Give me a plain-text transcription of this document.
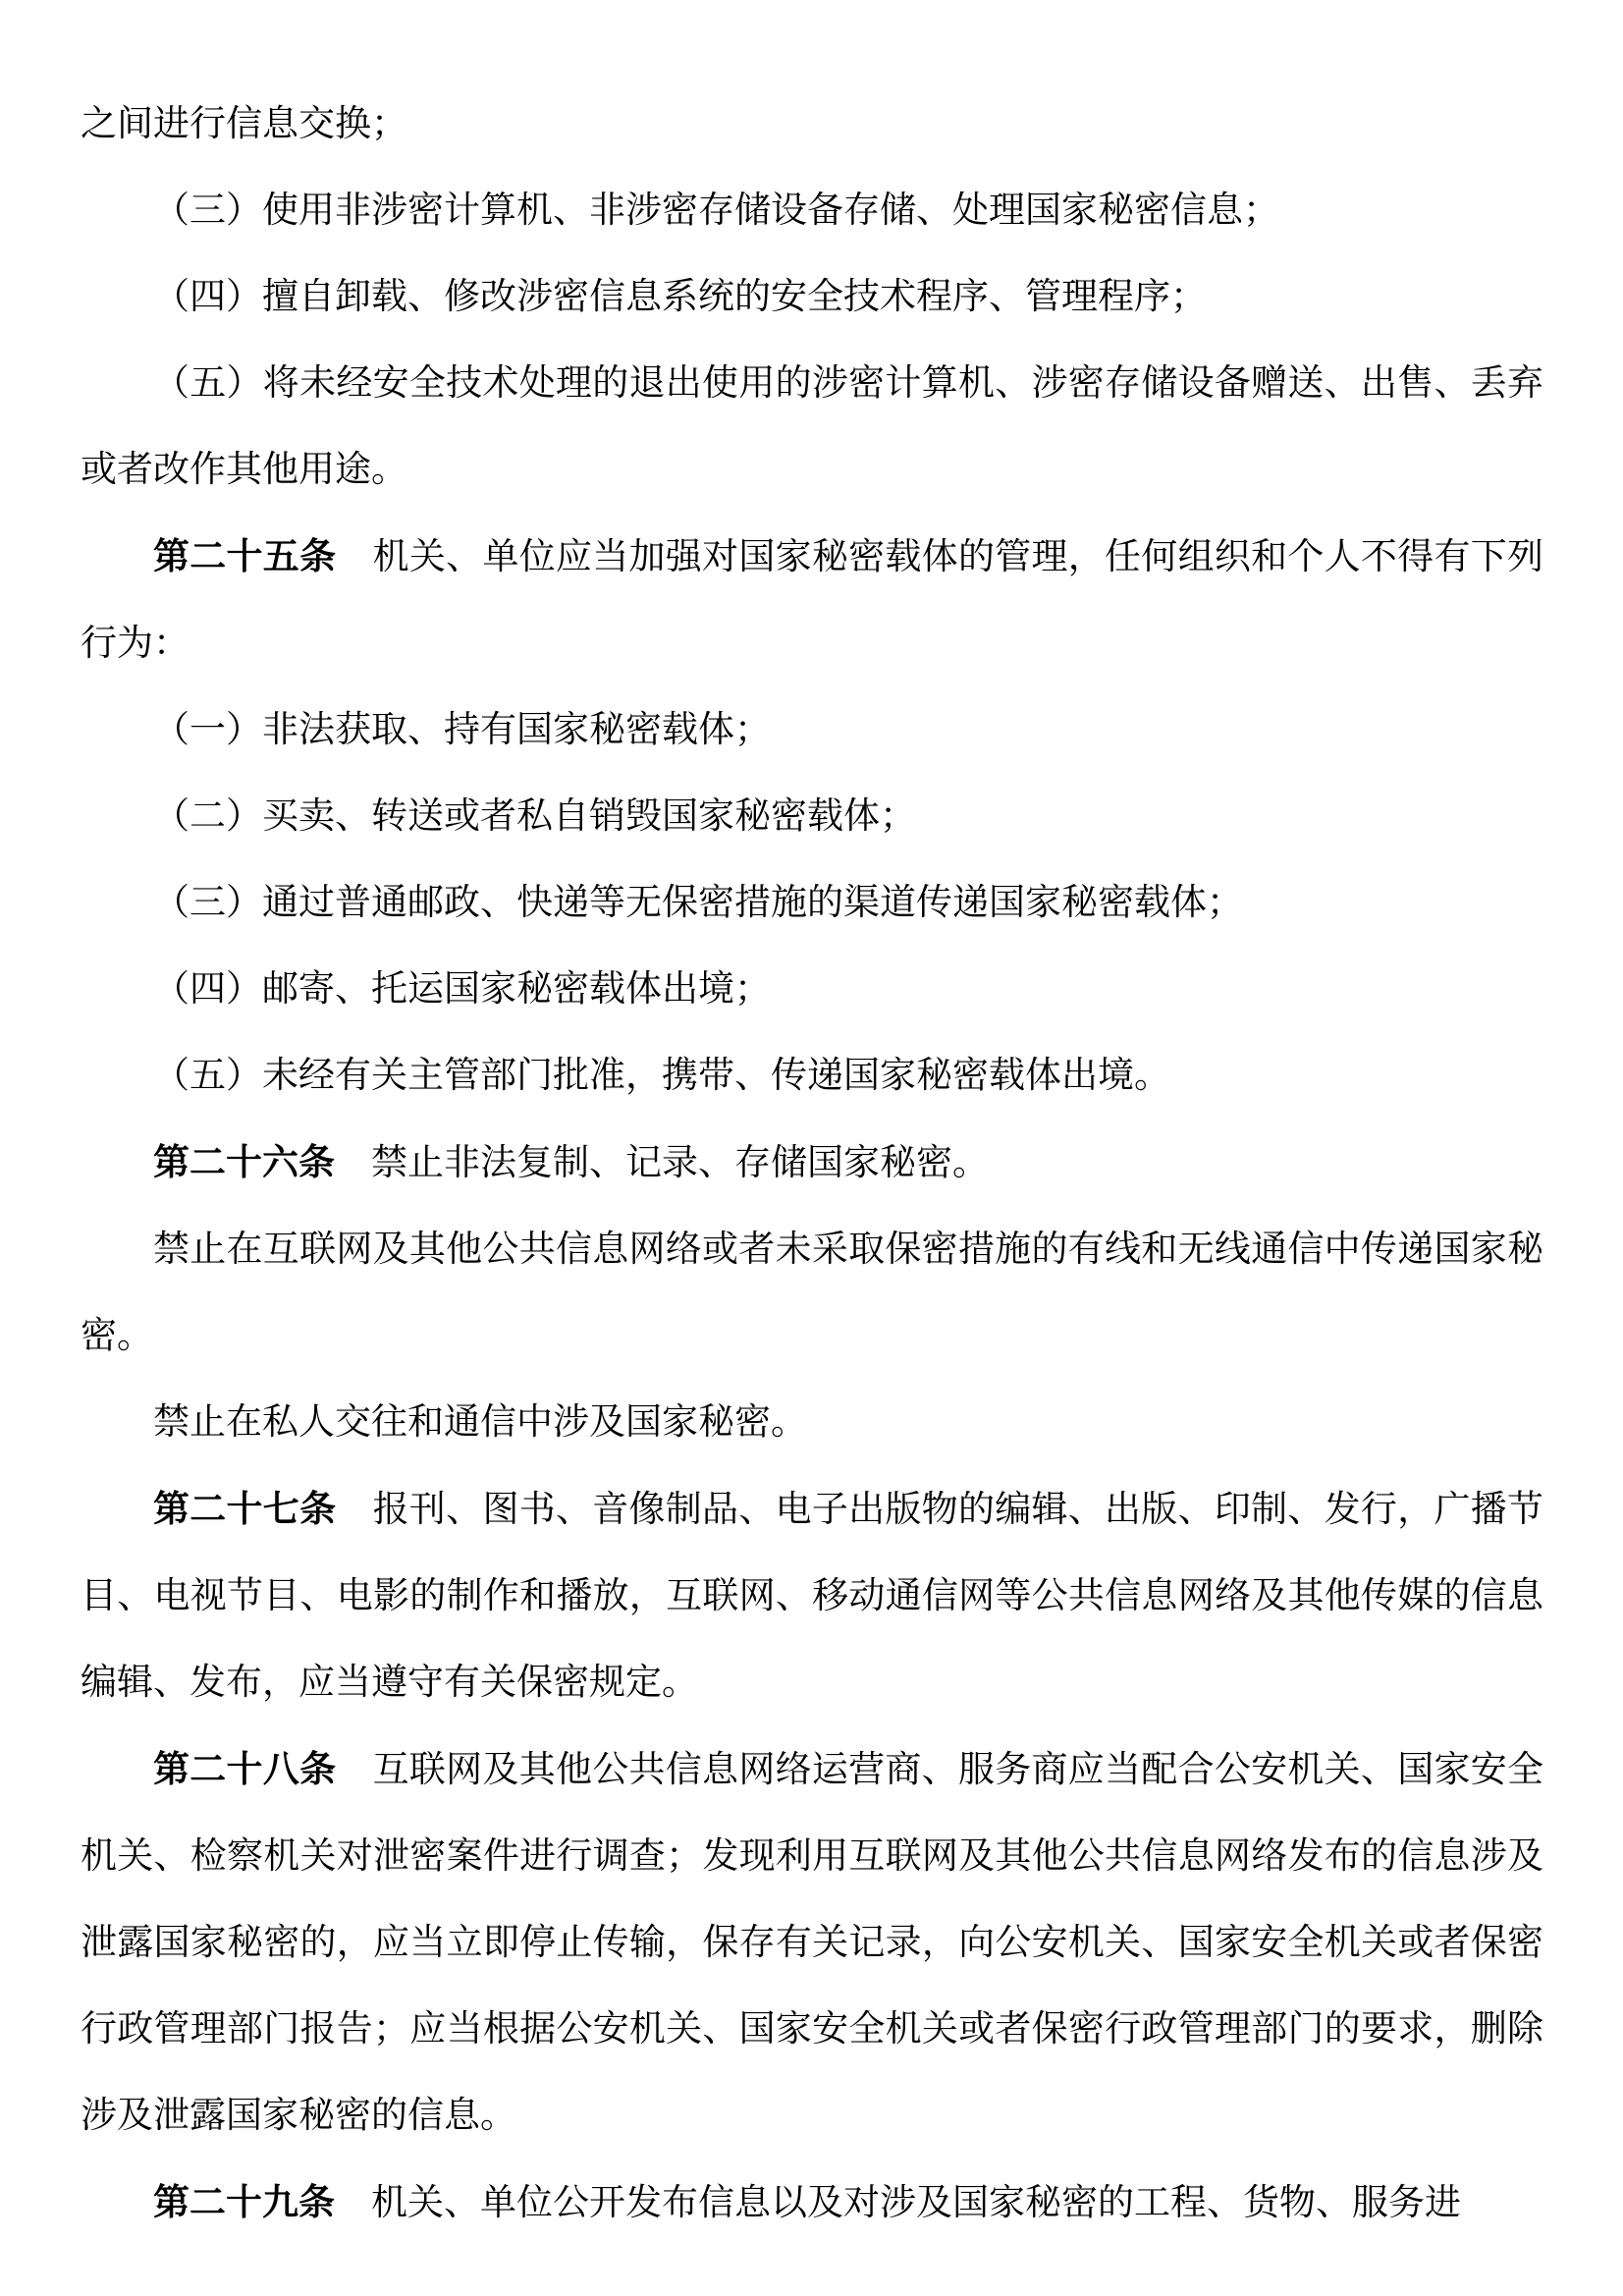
之间进行信息交换；

（三）使用非涉密计算机、非涉密存储设备存储、处理国家秘密信息；

（四）擅自卸载、修改涉密信息系统的安全技术程序、管理程序；

（五）将未经安全技术处理的退出使用的涉密计算机、涉密存储设备赠送、出售、丢弃或者改作其他用途。

第二十五条　机关、单位应当加强对国家秘密载体的管理，任何组织和个人不得有下列行为：

（一）非法获取、持有国家秘密载体；

（二）买卖、转送或者私自销毁国家秘密载体；

（三）通过普通邮政、快递等无保密措施的渠道传递国家秘密载体；

（四）邮寄、托运国家秘密载体出境；

（五）未经有关主管部门批准，携带、传递国家秘密载体出境。

第二十六条　禁止非法复制、记录、存储国家秘密。

禁止在互联网及其他公共信息网络或者未采取保密措施的有线和无线通信中传递国家秘密。

禁止在私人交往和通信中涉及国家秘密。

第二十七条　报刊、图书、音像制品、电子出版物的编辑、出版、印制、发行，广播节目、电视节目、电影的制作和播放，互联网、移动通信网等公共信息网络及其他传媒的信息编辑、发布，应当遵守有关保密规定。

第二十八条　互联网及其他公共信息网络运营商、服务商应当配合公安机关、国家安全机关、检察机关对泄密案件进行调查；发现利用互联网及其他公共信息网络发布的信息涉及泄露国家秘密的，应当立即停止传输，保存有关记录，向公安机关、国家安全机关或者保密行政管理部门报告；应当根据公安机关、国家安全机关或者保密行政管理部门的要求，删除涉及泄露国家秘密的信息。

第二十九条　机关、单位公开发布信息以及对涉及国家秘密的工程、货物、服务进
